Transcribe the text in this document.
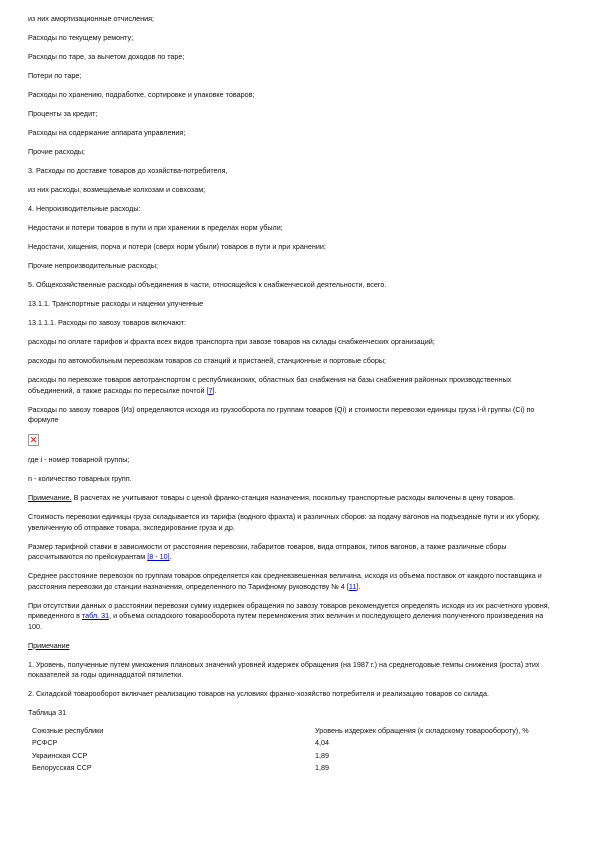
из них амортизационные отчисления;

Расходы по текущему ремонту;

Расходы по таре, за вычетом доходов по таре;

Потери по таре;

Расходы по хранению, подработке, сортировке и упаковке товаров;

Проценты за кредит;

Расходы на содержание аппарата управления;

Прочие расходы;

3. Расходы по доставке товаров до хозяйства-потребителя,

из них расходы, возмещаемые колхозам и совхозам;

4. Непроизводительные расходы:

Недостачи и потери товаров в пути и при хранении в пределах норм убыли;

Недостачи, хищения, порча и потери (сверх норм убыли) товаров в пути и при хранении;

Прочие непроизводительные расходы;

5. Общехозяйственные расходы объединения в части, относящейся к снабженческой деятельности, всего.

13.1.1. Транспортные расходы и наценки улученные

13.1.1.1. Расходы по завозу товаров включают:

расходы по оплате тарифов и фрахта всех видов транспорта при завозе товаров на склады снабженческих организаций;

расходы по автомобильным перевозкам товаров со станций и пристаней, станционные и портовые сборы;

расходы по перевозке товаров автотранспортом с республиканских, областных баз снабжения на базы снабжения районных производственных объединений, а также расходы по пересылке почтой [7].

Расходы по завозу товаров (Из) определяются исходя из грузооборота по группам товаров (Qi) и стоимости перевозки единицы груза i-й группы (Ci) по формуле

где i - номер товарной группы;

n - количество товарных групп.

Примечание. В расчетах не учитывают товары с ценой франко-станция назначения, поскольку транспортные расходы включены в цену товаров.

Стоимость перевозки единицы груза складывается из тарифа (водного фрахта) и различных сборов: за подачу вагонов на подъездные пути и их уборку, увеличенную об отправке товара, экспедирование груза и др.

Размер тарифной ставки в зависимости от расстояния перевозки, габаритов товаров, вида отправок, типов вагонов, а также различные сборы рассчитываются по прейскурантам [8 - 10].

Среднее расстояние перевозок по группам товаров определяется как средневзвешенная величина, исходя из объема поставок от каждого поставщика и расстояния перевозки до станции назначения, определенного по Тарифному руководству № 4 [11].

При отсутствии данных о расстоянии перевозки сумму издержек обращения по завозу товаров рекомендуется определять исходя из их расчетного уровня, приведенного в табл. 31, и объема складского товарооборота путем перемножения этих величин и последующего деления полученного произведения на 100.

Примечание

1. Уровень, полученные путем умножения плановых значений уровней издержек обращения (на 1987 г.) на среднегодовые темпы снижения (роста) этих показателей за годы одиннадцатой пятилетки.

2. Складской товарооборот включает реализацию товаров на условиях франко-хозяйство потребителя и реализацию товаров со склада.

Таблица 31

Союзные республики	Уровень издержек обращения (к складскому товарообороту), %
РСФСР	4,04
Украинская ССР	1,89
Белорусская ССР	1,89
